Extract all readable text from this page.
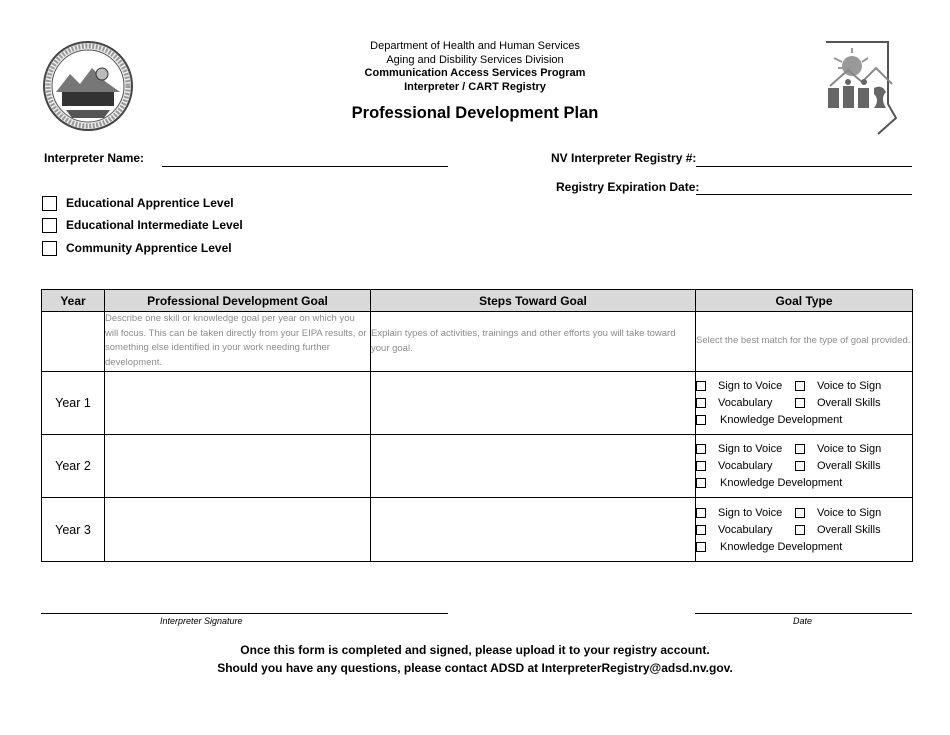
Department of Health and Human Services
Aging and Disbility Services Division
Communication Access Services Program
Interpreter / CART Registry
Professional Development Plan
Interpreter Name:	NV Interpreter Registry #:
Registry Expiration Date:
Educational Apprentice Level
Educational Intermediate Level
Community Apprentice Level
Year	Professional Development Goal	Steps Toward Goal	Goal Type
	Describe one skill or knowledge goal per year on which you will focus. This can be taken directly from your EIPA results, or something else identified in your work needing further development.	Explain types of activities, trainings and other efforts you will take toward your goal.	Select the best match for the type of goal provided.
Year 1			Sign to Voice Voice to Sign
Vocabulary Overall Skills
Knowledge Development

Year 2			Sign to Voice Voice to Sign
Vocabulary Overall Skills
Knowledge Development

Year 3			Sign to Voice Voice to Sign
Vocabulary Overall Skills
Knowledge Development
Interpreter Signature	Date
Once this form is completed and signed, please upload it to your registry account.
Should you have any questions, please contact ADSD at InterpreterRegistry@adsd.nv.gov.
